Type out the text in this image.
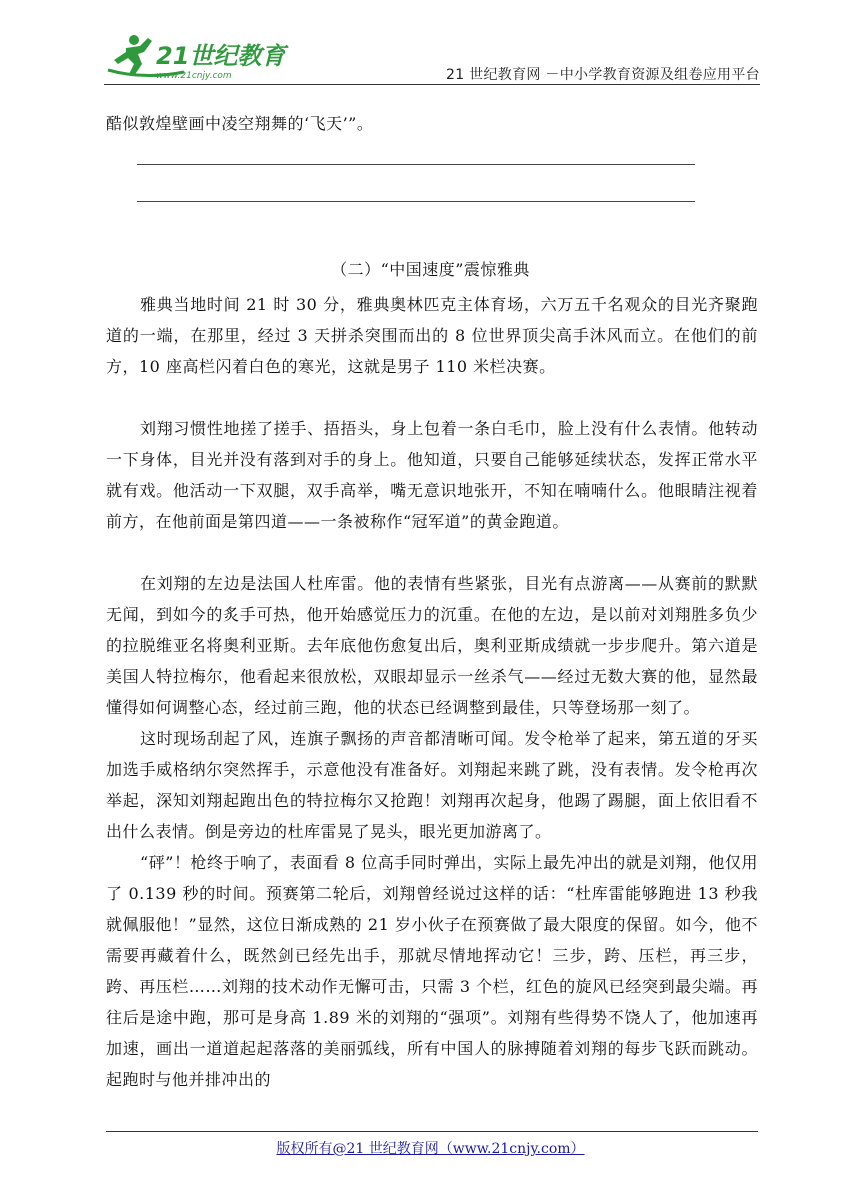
21世纪教育
www.21cnjy.com	21 世纪教育网 －中小学教育资源及组卷应用平台

酷似敦煌壁画中凌空翔舞的‘飞天’”。

（二）“中国速度”震惊雅典

雅典当地时间 21 时 30 分，雅典奥林匹克主体育场，六万五千名观众的目光齐聚跑道的一端，在那里，经过 3 天拼杀突围而出的 8 位世界顶尖高手沐风而立。在他们的前方，10 座高栏闪着白色的寒光，这就是男子 110 米栏决赛。

刘翔习惯性地搓了搓手、捂捂头，身上包着一条白毛巾，脸上没有什么表情。他转动一下身体，目光并没有落到对手的身上。他知道，只要自己能够延续状态，发挥正常水平就有戏。他活动一下双腿，双手高举，嘴无意识地张开，不知在喃喃什么。他眼睛注视着前方，在他前面是第四道——一条被称作“冠军道”的黄金跑道。

在刘翔的左边是法国人杜库雷。他的表情有些紧张，目光有点游离——从赛前的默默无闻，到如今的炙手可热，他开始感觉压力的沉重。在他的左边，是以前对刘翔胜多负少的拉脱维亚名将奥利亚斯。去年底他伤愈复出后，奥利亚斯成绩就一步步爬升。第六道是美国人特拉梅尔，他看起来很放松，双眼却显示一丝杀气——经过无数大赛的他，显然最懂得如何调整心态，经过前三跑，他的状态已经调整到最佳，只等登场那一刻了。

这时现场刮起了风，连旗子飘扬的声音都清晰可闻。发令枪举了起来，第五道的牙买加选手威格纳尔突然挥手，示意他没有准备好。刘翔起来跳了跳，没有表情。发令枪再次举起，深知刘翔起跑出色的特拉梅尔又抢跑！刘翔再次起身，他踢了踢腿，面上依旧看不出什么表情。倒是旁边的杜库雷晃了晃头，眼光更加游离了。

“砰”！枪终于响了，表面看 8 位高手同时弹出，实际上最先冲出的就是刘翔，他仅用了 0.139 秒的时间。预赛第二轮后，刘翔曾经说过这样的话：“杜库雷能够跑进 13 秒我就佩服他！”显然，这位日渐成熟的 21 岁小伙子在预赛做了最大限度的保留。如今，他不需要再藏着什么，既然剑已经先出手，那就尽情地挥动它！三步，跨、压栏，再三步，跨、再压栏……刘翔的技术动作无懈可击，只需 3 个栏，红色的旋风已经突到最尖端。再往后是途中跑，那可是身高 1.89 米的刘翔的“强项”。刘翔有些得势不饶人了，他加速再加速，画出一道道起起落落的美丽弧线，所有中国人的脉搏随着刘翔的每步飞跃而跳动。起跑时与他并排冲出的

版权所有@21 世纪教育网（www.21cnjy.com）
